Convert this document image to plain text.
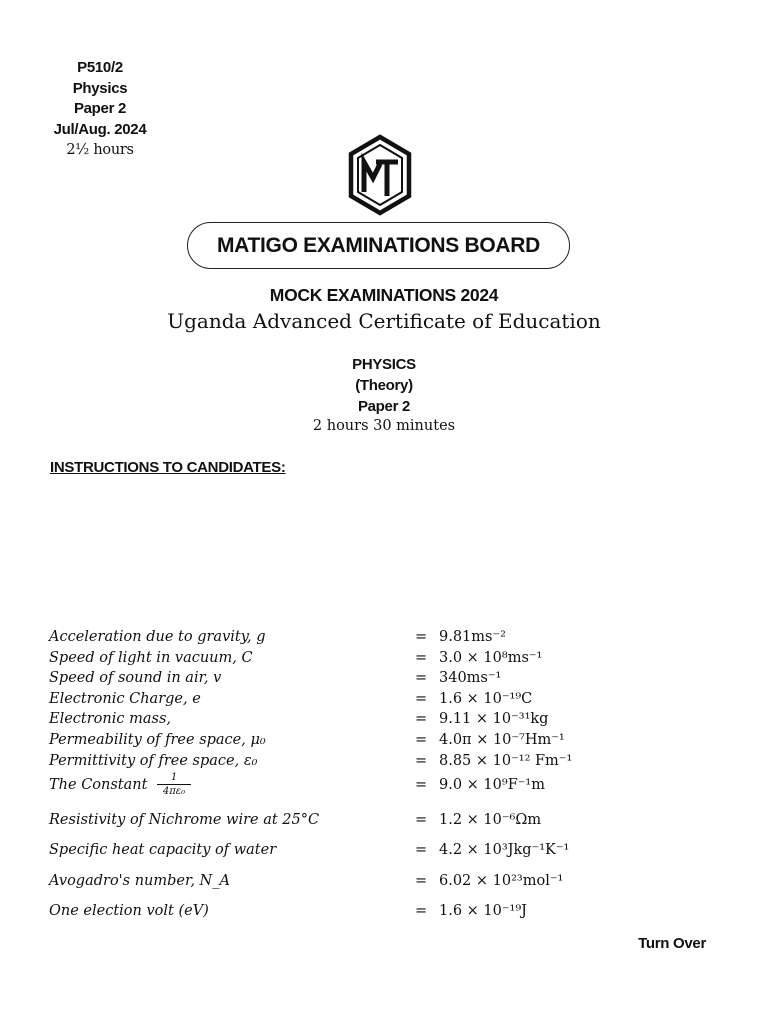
P510/2
Physics
Paper 2
Jul/Aug. 2024
2½ hours
MATIGO EXAMINATIONS BOARD
MOCK EXAMINATIONS 2024
Uganda Advanced Certificate of Education
PHYSICS
(Theory)
Paper 2
2 hours 30 minutes
INSTRUCTIONS TO CANDIDATES:
Acceleration due to gravity, g	= 9.81ms⁻²
Speed of light in vacuum, C	= 3.0 × 10⁸ms⁻¹
Speed of sound in air, v	= 340ms⁻¹
Electronic Charge, e	= 1.6 × 10⁻¹⁹C
Electronic mass,	= 9.11 × 10⁻³¹kg
Permeability of free space, μ₀	= 4.0π × 10⁻⁷Hm⁻¹
Permittivity of free space, ε₀	= 8.85 × 10⁻¹² Fm⁻¹
The Constant $\frac{1}{\text{4πε₀}}$	= 9.0 × 10⁹F⁻¹m
Resistivity of Nichrome wire at 25°C	= 1.2 × 10⁻⁶Ωm
Specific heat capacity of water	= 4.2 × 10³Jkg⁻¹K⁻¹
Avogadro's number, N_A	= 6.02 × 10²³mol⁻¹
One election volt (eV)	= 1.6 × 10⁻¹⁹J
Turn Over
